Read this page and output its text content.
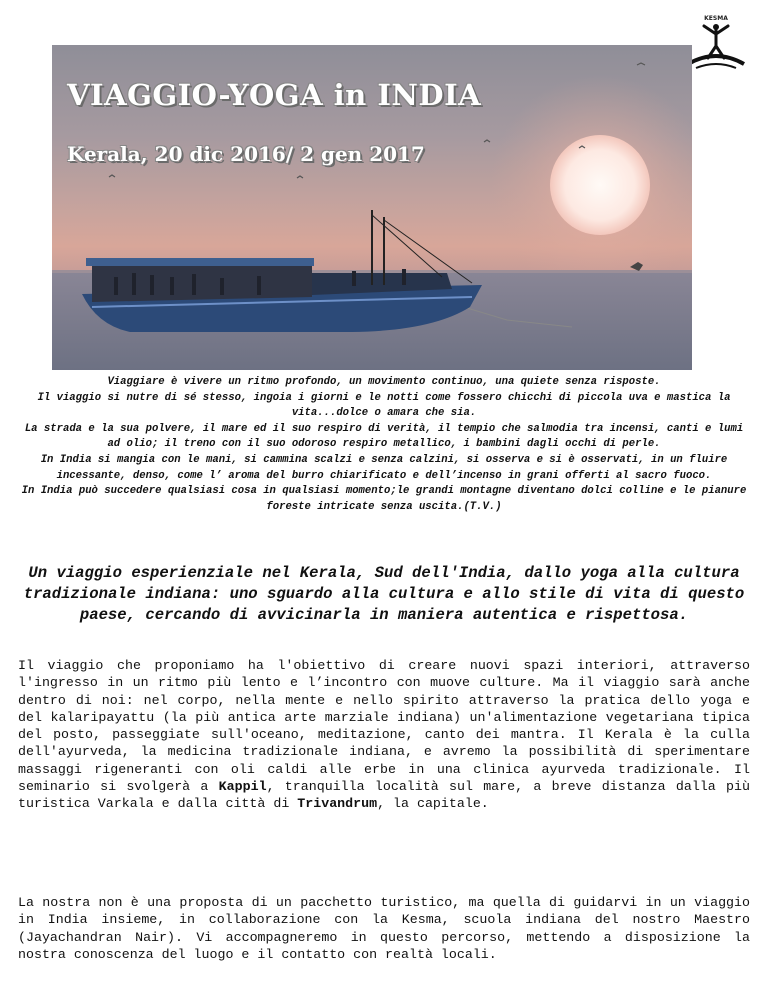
KESMA
VIAGGIO-YOGA in INDIA
Kerala, 20 dic 2016/ 2 gen 2017

Viaggiare è vivere un ritmo profondo, un movimento continuo, una quiete senza risposte.

Il viaggio si nutre di sé stesso, ingoia i giorni e le notti come fossero chicchi di piccola uva e mastica la vita...dolce o amara che sia.

La strada e la sua polvere, il mare ed il suo respiro di verità, il tempio che salmodia tra incensi, canti e lumi ad olio; il treno con il suo odoroso respiro metallico, i bambini dagli occhi di perle.

In India si mangia con le mani, si cammina scalzi e senza calzini, si osserva e si è osservati, in un fluire incessante, denso, come l’ aroma del burro chiarificato e dell’incenso in grani offerti al sacro fuoco.

In India può succedere qualsiasi cosa in qualsiasi momento;le grandi montagne diventano dolci colline e le pianure foreste intricate senza uscita.(T.V.)

Un viaggio esperienziale nel Kerala, Sud dell'India, dallo yoga alla cultura tradizionale indiana: uno sguardo alla cultura e allo stile di vita di questo paese, cercando di avvicinarla in maniera autentica e rispettosa.

Il viaggio che proponiamo ha l'obiettivo di creare nuovi spazi interiori, attraverso l'ingresso in un ritmo più lento e l’incontro con muove culture. Ma il viaggio sarà anche dentro di noi: nel corpo, nella mente e nello spirito attraverso la pratica dello yoga e del kalaripayattu (la più antica arte marziale indiana) un'alimentazione vegetariana tipica del posto, passeggiate sull'oceano, meditazione, canto dei mantra. Il Kerala è la culla dell'ayurveda, la medicina tradizionale indiana, e avremo la possibilità di sperimentare massaggi rigeneranti con oli caldi alle erbe in una clinica ayurveda tradizionale. Il seminario si svolgerà a Kappil, tranquilla località sul mare, a breve distanza dalla più turistica Varkala e dalla città di Trivandrum, la capitale.

La nostra non è una proposta di un pacchetto turistico, ma quella di guidarvi in un viaggio in India insieme, in collaborazione con la Kesma, scuola indiana del nostro Maestro (Jayachandran Nair). Vi accompagneremo in questo percorso, mettendo a disposizione la nostra conoscenza del luogo e il contatto con realtà locali.
